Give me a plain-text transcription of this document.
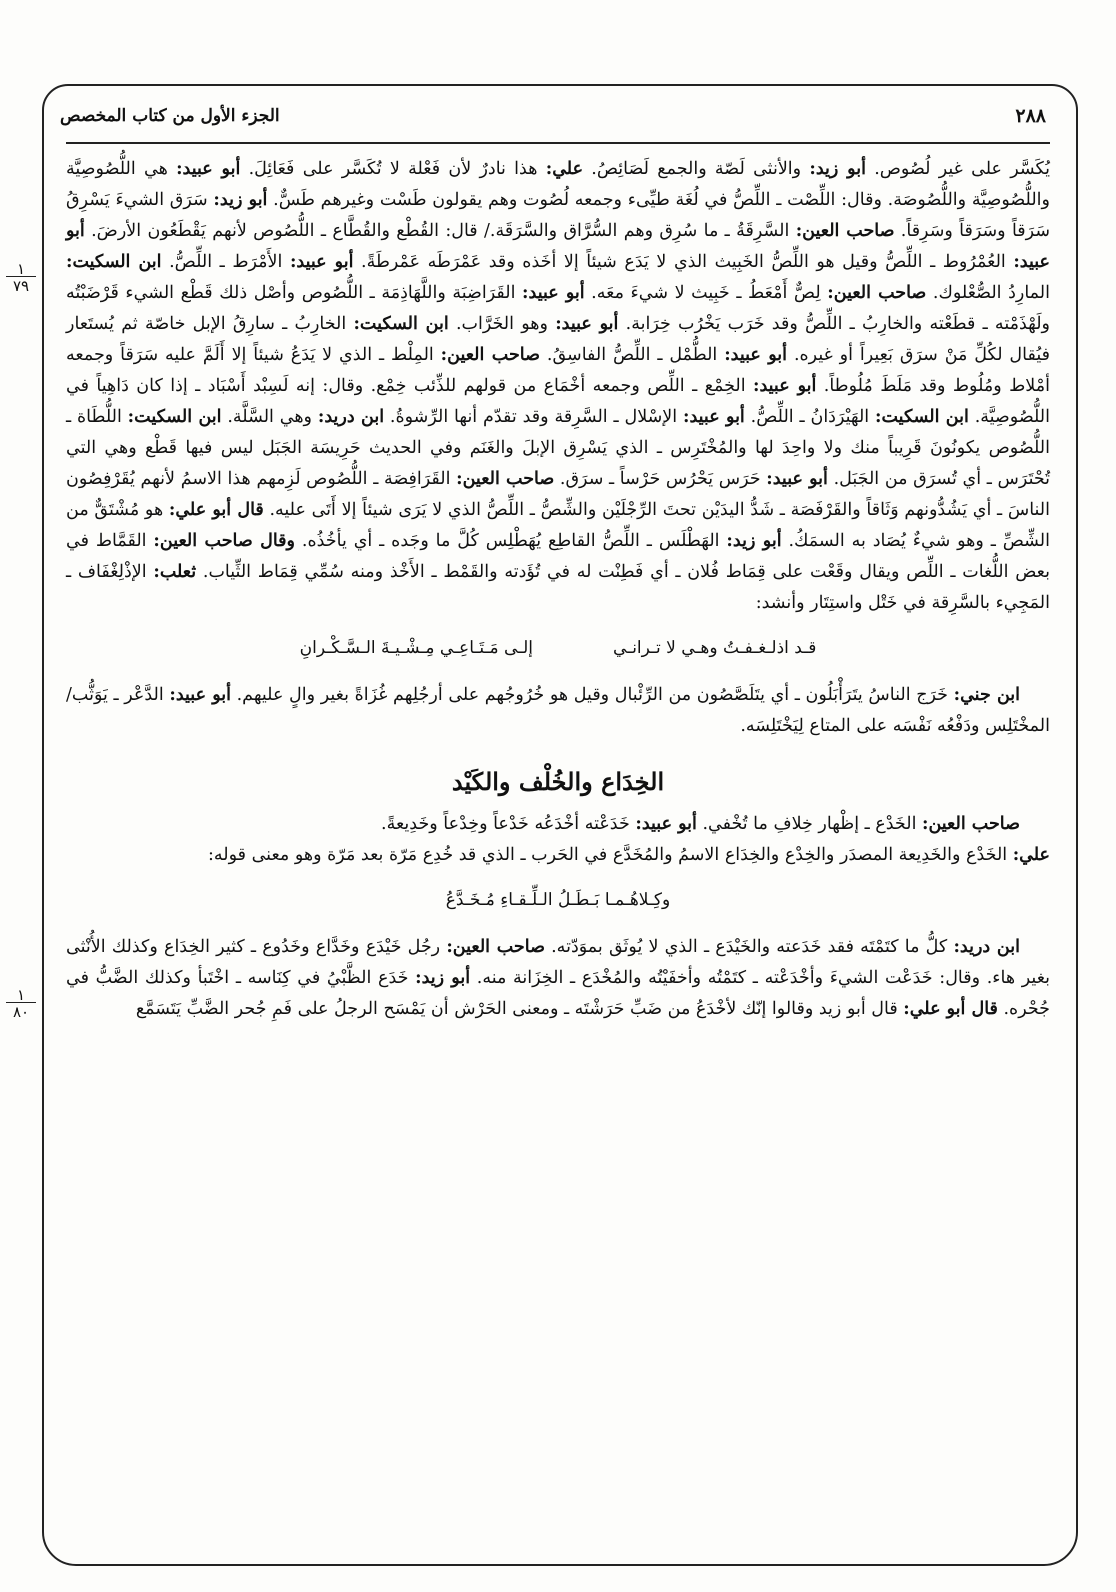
٢٨٨
الجزء الأول من كتاب المخصص
١
٧٩
١
٨٠

يُكَسَّر على غير لُصُوص. أبو زيد: والأنثى لَصّة والجمع لَصَائِصُ. علي: هذا نادرٌ لأن فَعْلة لا تُكَسَّر على فَعَائِلَ. أبو عبيد: هي اللُّصُوصِيَّة واللُّصُوصِيَّة واللُّصُوصَة. وقال: اللِّصْت ـ اللِّصُّ في لُغَة طيِّىء وجمعه لُصُوت وهم يقولون طَسْت وغيرهم طَسٌّ. أبو زيد: سَرَق الشيءَ يَسْرِقُ سَرَقاً وسَرَقاً وسَرِقاً. صاحب العين: السَّرِقَةُ ـ ما سُرِق وهم السُّرَّاق والسَّرَقَة./ قال: القُطْع والقُطَّاع ـ اللُّصُوص لأنهم يَقْطَعُون الأرضَ. أبو عبيد: العُمْرُوط ـ اللِّصُّ وقيل هو اللِّصُّ الخَبِيث الذي لا يَدَع شيئاً إلا أخَذه وقد عَمْرَطَه عَمْرطَةً. أبو عبيد: الأَمْرَط ـ اللِّصُّ. ابن السكيت: المارِدُ الصُّعْلوك. صاحب العين: لِصٌّ أَمْعَطُ ـ خَبِيث لا شيءَ معَه. أبو عبيد: القَرَاضِبَة واللَّهَاذِمَة ـ اللُّصُوص وأصْل ذلك قَطْع الشيء قَرْضَبْتُه ولَهْذَمْته ـ قطَعْته والخارِبُ ـ اللِّصُّ وقد خَرَب يَخْرُب خِرَابة. أبو عبيد: وهو الخَرَّاب. ابن السكيت: الخارِبُ ـ سارِقُ الإبل خاصّة ثم يُستَعار فيُقال لكُلِّ مَنْ سرَق بَعِيراً أو غيره. أبو عبيد: الطُّمْل ـ اللِّصُّ الفاسِقُ. صاحب العين: المِلْط ـ الذي لا يَدَعُ شيئاً إلا أَلَمَّ عليه سَرَقاً وجمعه أمْلاط ومُلُوط وقد مَلَطَ مُلُوطاً. أبو عبيد: الخِمْع ـ اللِّص وجمعه أخْمَاع من قولهم للذِّئب خِمْع. وقال: إنه لَسِبْد أَسْبَاد ـ إذا كان دَاهِياً في اللُّصُوصِيَّة. ابن السكيت: الهَيْرَدَانُ ـ اللِّصُّ. أبو عبيد: الإسْلال ـ السَّرِقة وقد تقدّم أنها الرِّشوةُ. ابن دريد: وهي السَّلَّة. ابن السكيت: اللُّطَاة ـ اللُّصُوص يكونُونَ قَرِيباً منك ولا واحِدَ لها والمُخْتَرِس ـ الذي يَسْرِق الإبلَ والغَنَم وفي الحديث حَرِيسَة الجَبَل ليس فيها قَطْع وهي التي تُحْتَرَس ـ أي تُسرَق من الجَبَل. أبو عبيد: حَرَس يَحْرُس حَرْساً ـ سرَق. صاحب العين: القَرَافِصَة ـ اللُّصُوص لَزِمهم هذا الاسمُ لأنهم يُقَرْفِصُون الناسَ ـ أي يَشُدُّونهم وَثَاقاً والقَرْفَصَة ـ شَدُّ اليدَيْن تحتَ الرِّجْلَيْن والشِّصُّ ـ اللِّصُّ الذي لا يَرَى شيئاً إلا أَتَى عليه. قال أبو علي: هو مُشْتَقٌّ من الشِّصِّ ـ وهو شيءٌ يُصَاد به السمَكُ. أبو زيد: الهَطْلَس ـ اللِّصُّ القاطِع يُهَطْلِس كُلَّ ما وجَده ـ أي يأخُذُه. وقال صاحب العين: القَمَّاط في بعض اللُّغات ـ اللِّص ويقال وقَعْت على قِمَاط فُلان ـ أي فَطِنْت له في تُؤَدته والقَمْط ـ الأَخْذ ومنه سُمِّي قِمَاط الثِّياب. ثعلب: الإذْلِغْفَاف ـ المَجِيء بالسَّرِقة في خَتْل واستِتَار وأنشد:

قـد اذلـغـفـتُ وهـي لا تـرانـيإلـى مَـتَـاعِـي مِـشْـيـةَ الـسَّـكْـرانِ

ابن جني: خَرَج الناسُ يتَرَأْبَلُون ـ أي يتَلَصَّصُون من الرِّئْبال وقيل هو خُرُوجُهم على أرجُلِهم غُزَاةً بغير والٍ عليهم. أبو عبيد: الدَّعْر ـ يَوَثُّب/ المخْتَلِس ودَفْعُه نَفْسَه على المتاع لِيَخْتَلِسَه.

الخِدَاع والخُلْف والكَيْد

صاحب العين: الخَدْع ـ إظْهار خِلافِ ما تُخْفي. أبو عبيد: خَدَعْته أخْدَعُه خَدْعاً وخِدْعاً وخَدِيعةً.

علي: الخَدْع والخَدِيعة المصدَر والخِدْع والخِدَاع الاسمُ والمُخَدَّع في الحَرب ـ الذي قد خُدِع مَرّة بعد مَرّة وهو معنى قوله:

وكِـلاهُـمـا بَـطَـلُ الـلِّـقـاءِ مُـخَـدَّعُ

ابن دريد: كلُّ ما كتَمْتَه فقد خَدَعته والخَيْدَع ـ الذي لا يُوثَق بموَدّته. صاحب العين: رجُل خَيْدَع وخَدَّاع وخَدُوع ـ كثير الخِدَاع وكذلك الأُنْثى بغير هاء. وقال: خَدَعْت الشيءَ وأخْدَعْته ـ كتَمْتُه وأخفَيْتُه والمُخْدَع ـ الخِزَانة منه. أبو زيد: خَدَع الظَّبْيُ في كِنَاسه ـ اخْتَبأ وكذلك الضَّبُّ في جُحْره. قال أبو علي: قال أبو زيد وقالوا إنّك لأخْدَعُ من ضَبِّ حَرَشْتَه ـ ومعنى الحَرْش أن يَمْسَح الرجلُ على فَمِ جُحر الضَّبِّ يَتَسَمَّع
